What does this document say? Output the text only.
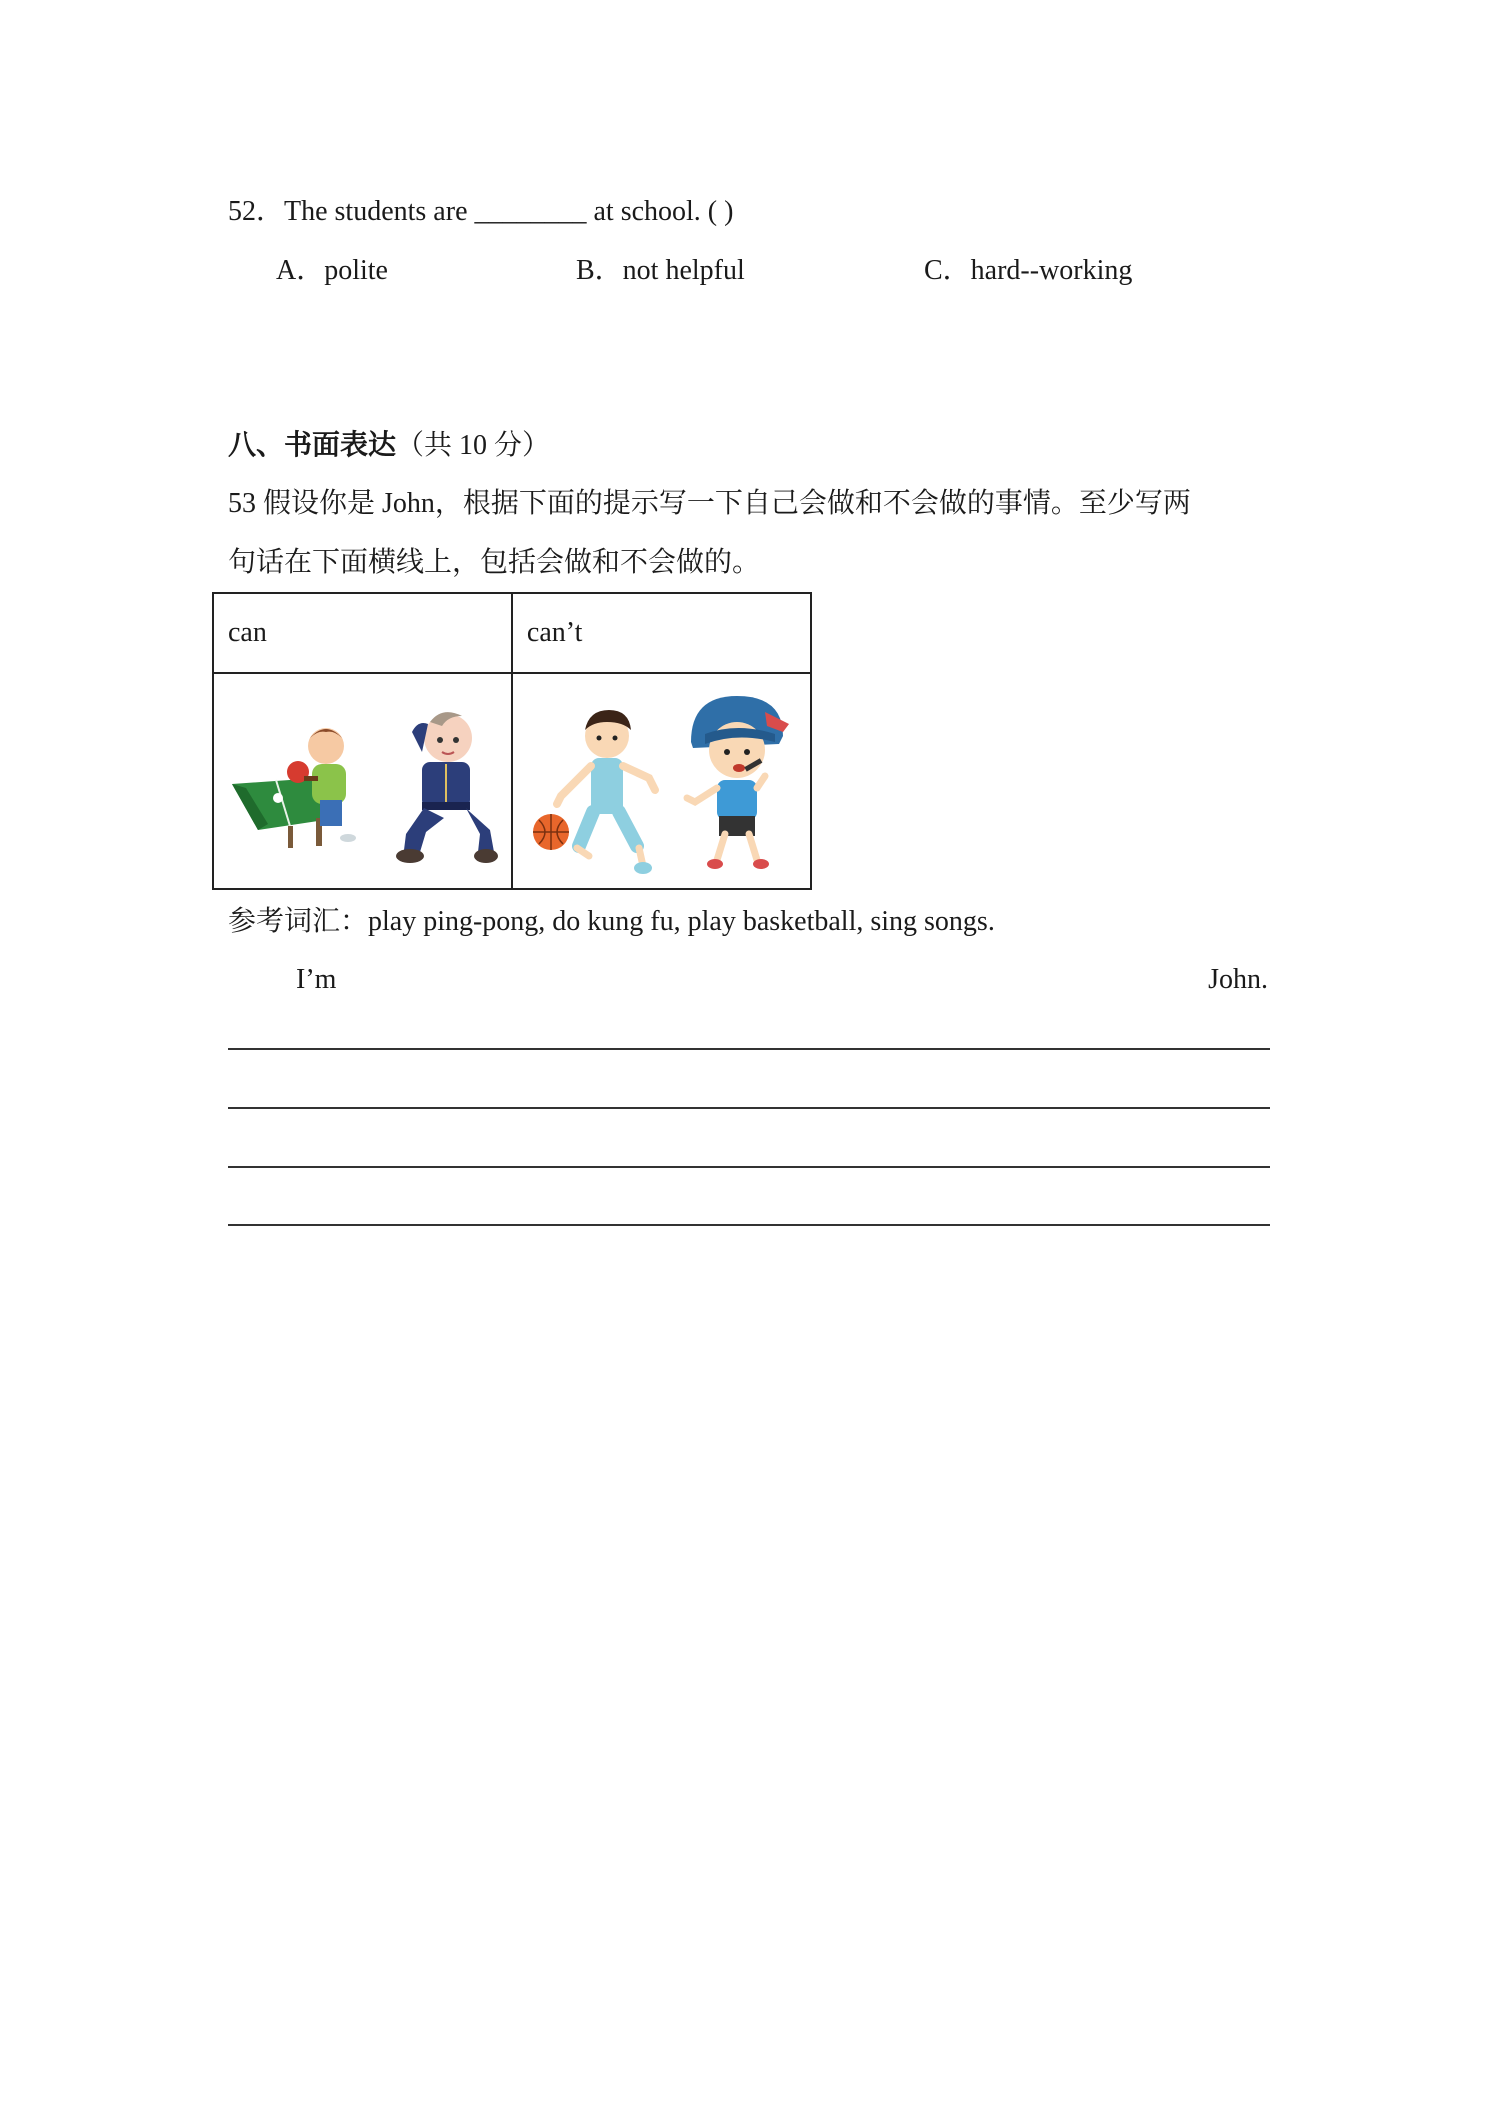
52．The students are ________ at school. ( )
A．polite	B．not helpful	C．hard--working
八、书面表达（共 10 分）
53 假设你是 John，根据下面的提示写一下自己会做和不会做的事情。至少写两
句话在下面横线上，包括会做和不会做的。
can	can’t

参考词汇：play ping-pong, do kung fu, play basketball, sing songs.
I’m	John.
